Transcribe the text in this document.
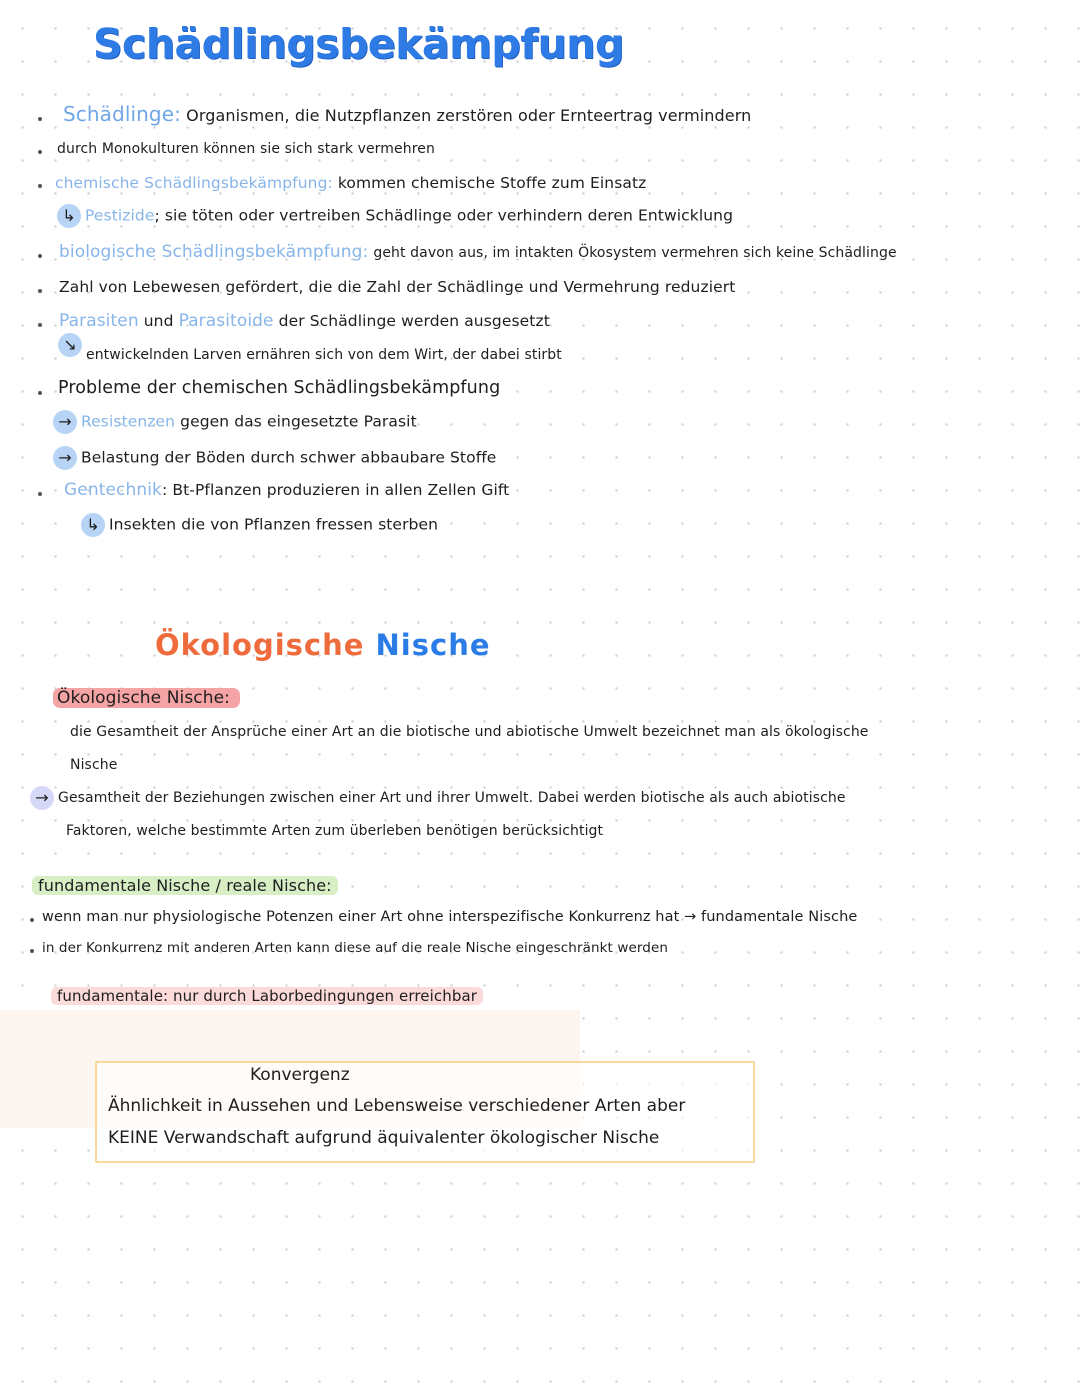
Schädlingsbekämpfung
Schädlinge: Organismen, die Nutzpflanzen zerstören oder Ernteertrag vermindern
durch Monokulturen können sie sich stark vermehren
chemische Schädlingsbekämpfung: kommen chemische Stoffe zum Einsatz
↳ Pestizide; sie töten oder vertreiben Schädlinge oder verhindern deren Entwicklung
biologische Schädlingsbekämpfung: geht davon aus, im intakten Ökosystem vermehren sich keine Schädlinge
Zahl von Lebewesen gefördert, die die Zahl der Schädlinge und Vermehrung reduziert
Parasiten und Parasitoide der Schädlinge werden ausgesetzt
↘entwickelnden Larven ernähren sich von dem Wirt, der dabei stirbt
Probleme der chemischen Schädlingsbekämpfung
→ Resistenzen gegen das eingesetzte Parasit
→ Belastung der Böden durch schwer abbaubare Stoffe
Gentechnik: Bt-Pflanzen produzieren in allen Zellen Gift
↳ Insekten die von Pflanzen fressen sterben
Ökologische Nische
Ökologische Nische:
die Gesamtheit der Ansprüche einer Art an die biotische und abiotische Umwelt bezeichnet man als ökologische
Nische
→ Gesamtheit der Beziehungen zwischen einer Art und ihrer Umwelt. Dabei werden biotische als auch abiotische
Faktoren, welche bestimmte Arten zum überleben benötigen berücksichtigt
fundamentale Nische / reale Nische:
wenn man nur physiologische Potenzen einer Art ohne interspezifische Konkurrenz hat → fundamentale Nische
in der Konkurrenz mit anderen Arten kann diese auf die reale Nische eingeschränkt werden
fundamentale: nur durch Laborbedingungen erreichbar
Konvergenz
Ähnlichkeit in Aussehen und Lebensweise verschiedener Arten aber
KEINE Verwandschaft aufgrund äquivalenter ökologischer Nische
